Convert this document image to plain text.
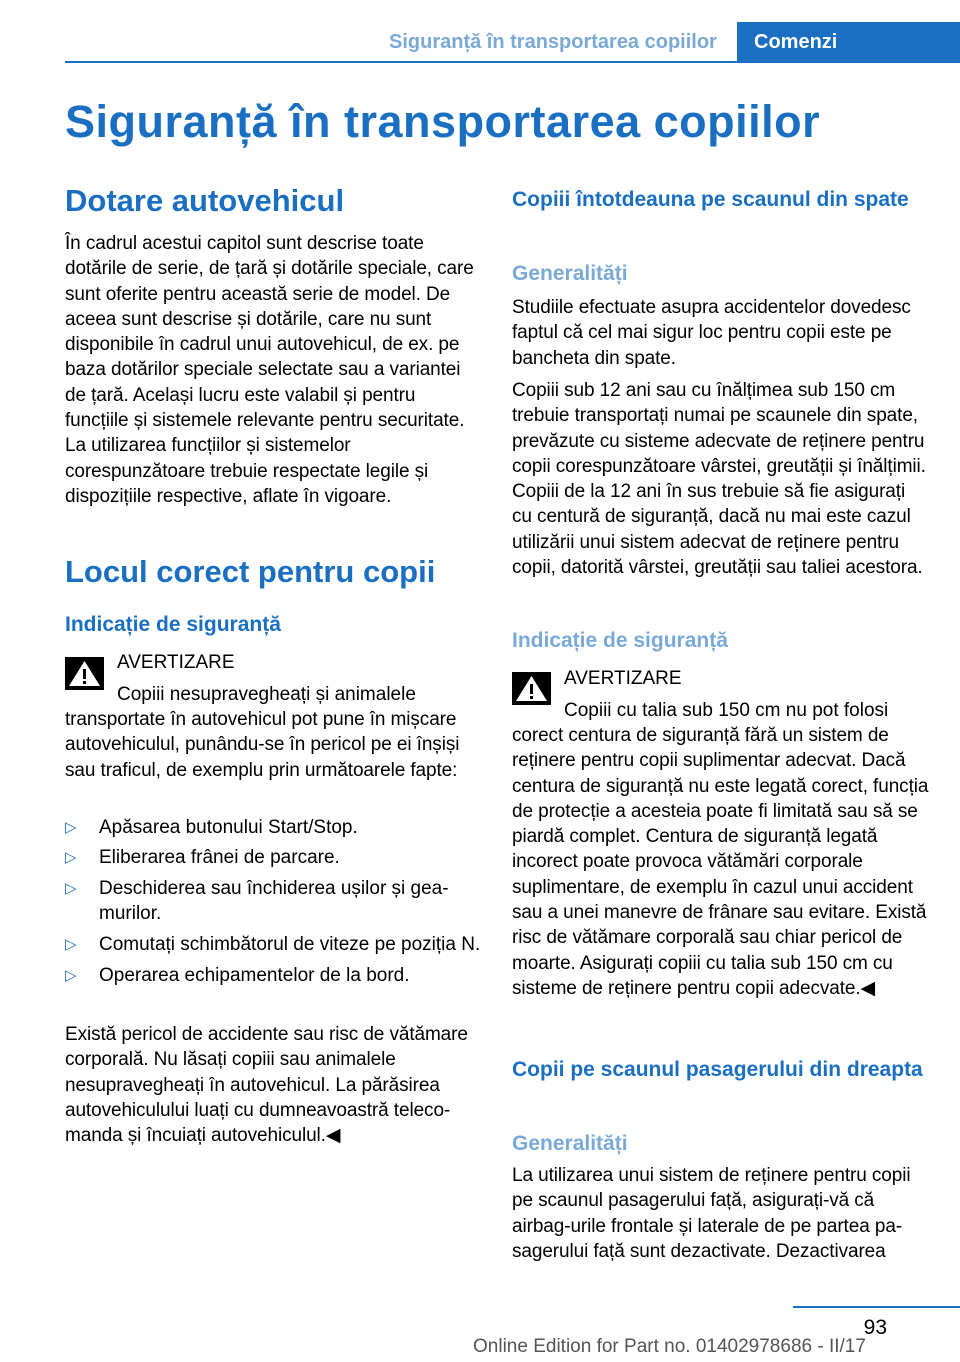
Siguranță în transportarea copiilor Comenzi
Siguranță în transportarea copiilor
Dotare autovehicul
În cadrul acestui capitol sunt descrise toate dotările de serie, de țară și dotările speciale, care sunt oferite pentru această serie de model. De aceea sunt descrise și dotările, care nu sunt disponibile în cadrul unui autovehicul, de ex. pe baza dotărilor speciale selectate sau a variantei de țară. Același lucru este valabil și pentru funcțiile și sistemele relevante pentru securitate. La utilizarea funcțiilor și sistemelor corespunzătoare trebuie respectate legile și dispozițiile respective, aflate în vigoare.
Locul corect pentru copii
Indicație de siguranță
AVERTIZARE
Copiii nesupravegheați și animalele
transportate în autovehicul pot pune în mișcare autovehiculul, punându-se în pericol pe ei înșiși sau traficul, de exemplu prin următoarele fapte:
▷ Apăsarea butonului Start/Stop.
▷ Eliberarea frânei de parcare.
▷ Deschiderea sau închiderea ușilor și geamurilor.
▷ Comutați schimbătorul de viteze pe poziția N.
▷ Operarea echipamentelor de la bord.
Există pericol de accidente sau risc de vătămare corporală. Nu lăsați copiii sau animalele nesupravegheați în autovehicul. La părăsirea autovehiculului luați cu dumneavoastră telecomanda și încuiați autovehiculul.◀
Copiii întotdeauna pe scaunul din spate
Generalități
Studiile efectuate asupra accidentelor dovedesc faptul că cel mai sigur loc pentru copii este pe bancheta din spate.
Copiii sub 12 ani sau cu înălțimea sub 150 cm trebuie transportați numai pe scaunele din spate, prevăzute cu sisteme adecvate de reținere pentru copii corespunzătoare vârstei, greutății și înălțimii. Copiii de la 12 ani în sus trebuie să fie asigurați cu centură de siguranță, dacă nu mai este cazul utilizării unui sistem adecvat de reținere pentru copii, datorită vârstei, greutății sau taliei acestora.
Indicație de siguranță
AVERTIZARE
Copiii cu talia sub 150 cm nu pot folosi
corect centura de siguranță fără un sistem de reținere pentru copii suplimentar adecvat. Dacă centura de siguranță nu este legată corect, funcția de protecție a acesteia poate fi limitată sau să se piardă complet. Centura de siguranță legată incorect poate provoca vătămări corporale suplimentare, de exemplu în cazul unui accident sau a unei manevre de frânare sau evitare. Există risc de vătămare corporală sau chiar pericol de moarte. Asigurați copiii cu talia sub 150 cm cu sisteme de reținere pentru copii adecvate.◀
Copii pe scaunul pasagerului din dreapta
Generalități
La utilizarea unui sistem de reținere pentru copii pe scaunul pasagerului față, asigurați-vă că airbag-urile frontale și laterale de pe partea pasagerului față sunt dezactivate. Dezactivarea
93
Online Edition for Part no. 01402978686 - II/17
